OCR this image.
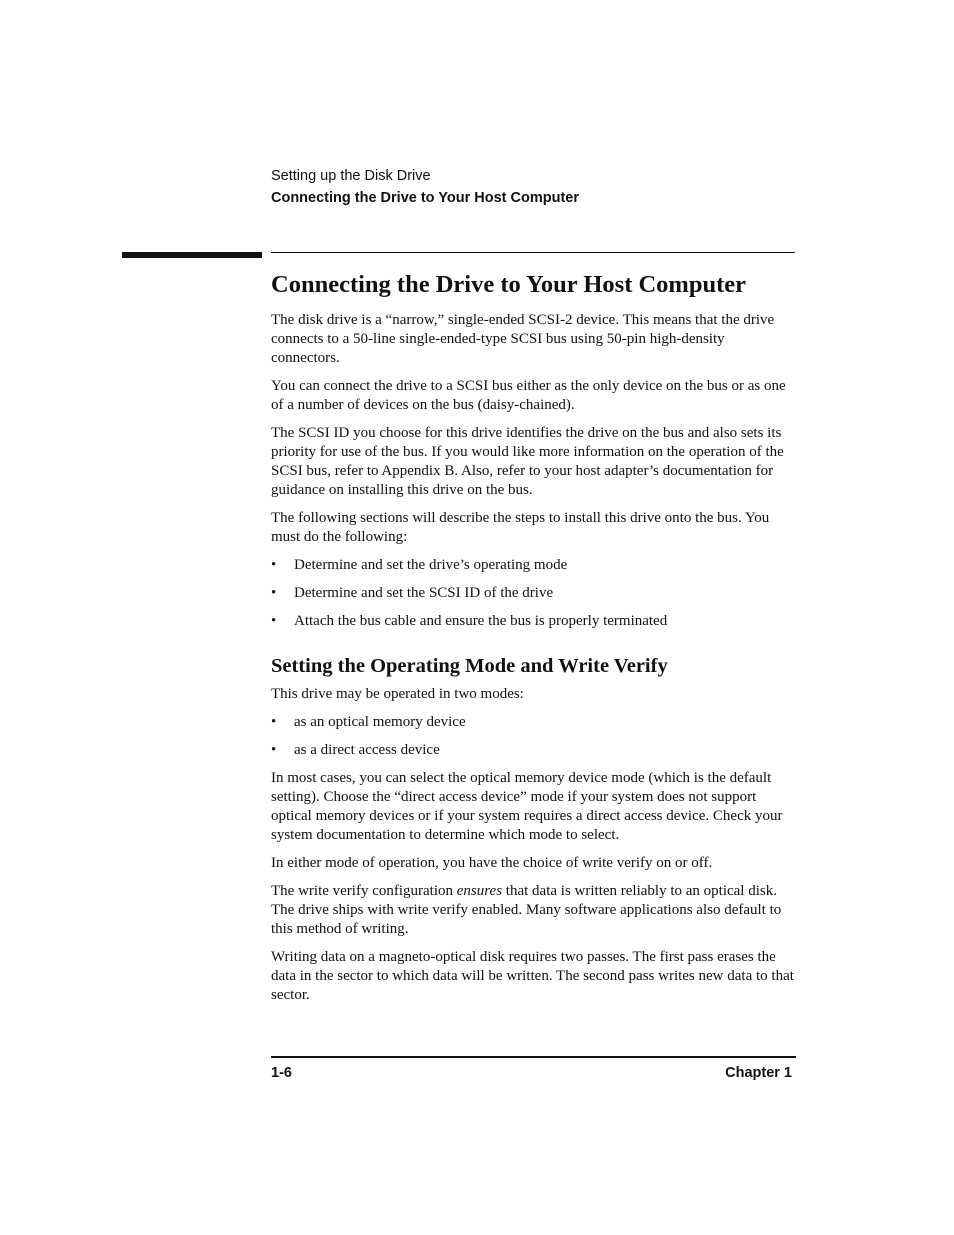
Setting up the Disk Drive
Connecting the Drive to Your Host Computer
Connecting the Drive to Your Host Computer

The disk drive is a “narrow,” single-ended SCSI-2 device. This means that the drive connects to a 50-line single-ended-type SCSI bus using 50-pin high-density connectors.

You can connect the drive to a SCSI bus either as the only device on the bus or as one of a number of devices on the bus (daisy-chained).

The SCSI ID you choose for this drive identifies the drive on the bus and also sets its priority for use of the bus. If you would like more information on the operation of the SCSI bus, refer to Appendix B. Also, refer to your host adapter’s documentation for guidance on installing this drive on the bus.

The following sections will describe the steps to install this drive onto the bus. You must do the following:

• Determine and set the drive’s operating mode
• Determine and set the SCSI ID of the drive
• Attach the bus cable and ensure the bus is properly terminated
Setting the Operating Mode and Write Verify

This drive may be operated in two modes:

• as an optical memory device
• as a direct access device

In most cases, you can select the optical memory device mode (which is the default setting). Choose the “direct access device” mode if your system does not support optical memory devices or if your system requires a direct access device. Check your system documentation to determine which mode to select.

In either mode of operation, you have the choice of write verify on or off.

The write verify configuration ensures that data is written reliably to an optical disk. The drive ships with write verify enabled. Many software applications also default to this method of writing.

Writing data on a magneto-optical disk requires two passes. The first pass erases the data in the sector to which data will be written. The second pass writes new data to that sector.

1-6	Chapter 1
